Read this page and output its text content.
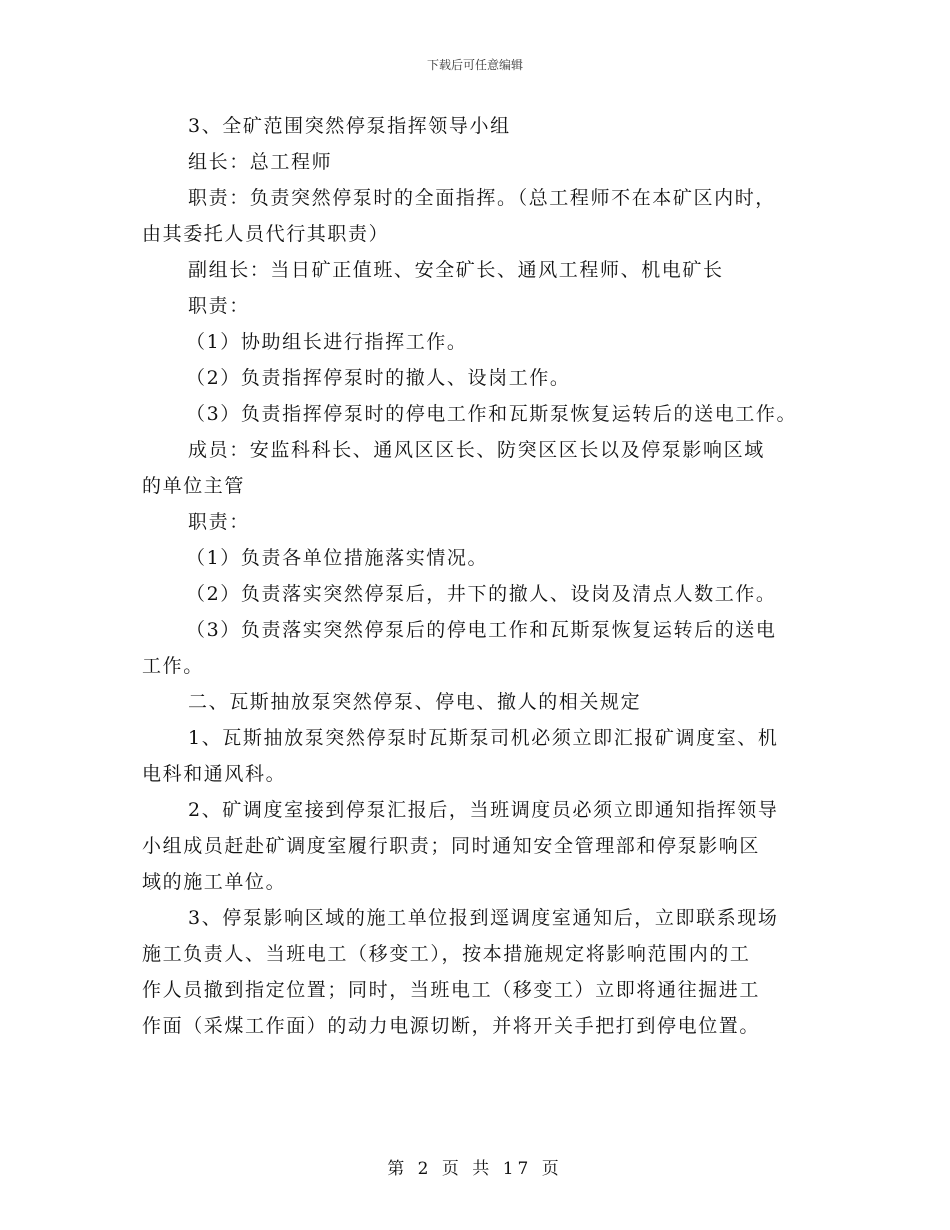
下载后可任意编辑
3、全矿范围突然停泵指挥领导小组
组长：总工程师
职责：负责突然停泵时的全面指挥。（总工程师不在本矿区内时，
由其委托人员代行其职责）
副组长：当日矿正值班、安全矿长、通风工程师、机电矿长
职责：
（1）协助组长进行指挥工作。
（2）负责指挥停泵时的撤人、设岗工作。
（3）负责指挥停泵时的停电工作和瓦斯泵恢复运转后的送电工作。
成员：安监科科长、通风区区长、防突区区长以及停泵影响区域
的单位主管
职责：
（1）负责各单位措施落实情况。
（2）负责落实突然停泵后，井下的撤人、设岗及清点人数工作。
（3）负责落实突然停泵后的停电工作和瓦斯泵恢复运转后的送电
工作。
二、瓦斯抽放泵突然停泵、停电、撤人的相关规定
1、瓦斯抽放泵突然停泵时瓦斯泵司机必须立即汇报矿调度室、机
电科和通风科。
2、矿调度室接到停泵汇报后，当班调度员必须立即通知指挥领导
小组成员赶赴矿调度室履行职责；同时通知安全管理部和停泵影响区
域的施工单位。
3、停泵影响区域的施工单位报到逕调度室通知后，立即联系现场
施工负责人、当班电工（移变工），按本措施规定将影响范围内的工
作人员撤到指定位置；同时，当班电工（移变工）立即将通往掘进工
作面（采煤工作面）的动力电源切断，并将开关手把打到停电位置。
第 2 页 共 17 页
